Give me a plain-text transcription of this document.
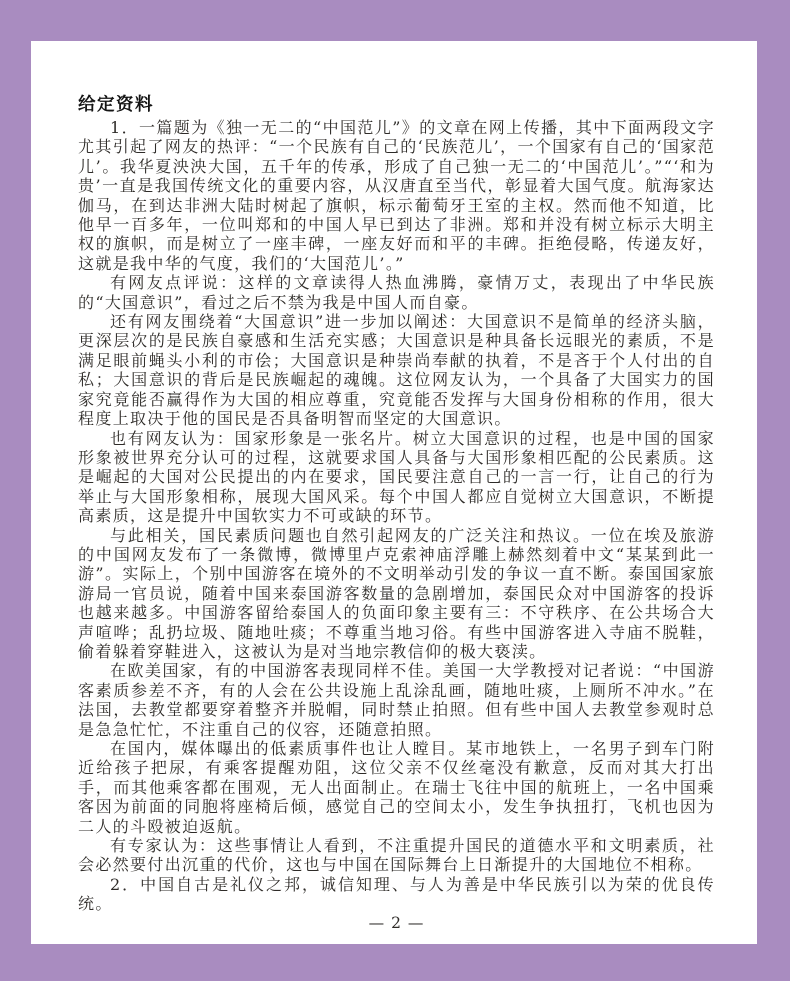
给定资料

1．一篇题为《独一无二的“中国范儿”》的文章在网上传播，其中下面两段文字尤其引起了网友的热评：“一个民族有自己的‘民族范儿’，一个国家有自己的‘国家范儿’。我华夏泱泱大国，五千年的传承，形成了自己独一无二的‘中国范儿’。”“‘和为贵’一直是我国传统文化的重要内容，从汉唐直至当代，彰显着大国气度。航海家达伽马，在到达非洲大陆时树起了旗帜，标示葡萄牙王室的主权。然而他不知道，比他早一百多年，一位叫郑和的中国人早已到达了非洲。郑和并没有树立标示大明主权的旗帜，而是树立了一座丰碑，一座友好而和平的丰碑。拒绝侵略，传递友好，这就是我中华的气度，我们的‘大国范儿’。”

有网友点评说：这样的文章读得人热血沸腾，豪情万丈，表现出了中华民族的“大国意识”，看过之后不禁为我是中国人而自豪。

还有网友围绕着“大国意识”进一步加以阐述：大国意识不是简单的经济头脑，更深层次的是民族自豪感和生活充实感；大国意识是种具备长远眼光的素质，不是满足眼前蝇头小利的市侩；大国意识是种崇尚奉献的执着，不是吝于个人付出的自私；大国意识的背后是民族崛起的魂魄。这位网友认为，一个具备了大国实力的国家究竟能否赢得作为大国的相应尊重，究竟能否发挥与大国身份相称的作用，很大程度上取决于他的国民是否具备明智而坚定的大国意识。

也有网友认为：国家形象是一张名片。树立大国意识的过程，也是中国的国家形象被世界充分认可的过程，这就要求国人具备与大国形象相匹配的公民素质。这是崛起的大国对公民提出的内在要求，国民要注意自己的一言一行，让自己的行为举止与大国形象相称，展现大国风采。每个中国人都应自觉树立大国意识，不断提高素质，这是提升中国软实力不可或缺的环节。

与此相关，国民素质问题也自然引起网友的广泛关注和热议。一位在埃及旅游的中国网友发布了一条微博，微博里卢克索神庙浮雕上赫然刻着中文“某某到此一游”。实际上，个别中国游客在境外的不文明举动引发的争议一直不断。泰国国家旅游局一官员说，随着中国来泰国游客数量的急剧增加，泰国民众对中国游客的投诉也越来越多。中国游客留给泰国人的负面印象主要有三：不守秩序、在公共场合大声喧哗；乱扔垃圾、随地吐痰；不尊重当地习俗。有些中国游客进入寺庙不脱鞋，偷着躲着穿鞋进入，这被认为是对当地宗教信仰的极大亵渎。

在欧美国家，有的中国游客表现同样不佳。美国一大学教授对记者说：“中国游客素质参差不齐，有的人会在公共设施上乱涂乱画，随地吐痰，上厕所不冲水。”在法国，去教堂都要穿着整齐并脱帽，同时禁止拍照。但有些中国人去教堂参观时总是急急忙忙，不注重自己的仪容，还随意拍照。

在国内，媒体曝出的低素质事件也让人瞠目。某市地铁上，一名男子到车门附近给孩子把尿，有乘客提醒劝阻，这位父亲不仅丝毫没有歉意，反而对其大打出手，而其他乘客都在围观，无人出面制止。在瑞士飞往中国的航班上，一名中国乘客因为前面的同胞将座椅后倾，感觉自己的空间太小，发生争执扭打，飞机也因为二人的斗殴被迫返航。

有专家认为：这些事情让人看到，不注重提升国民的道德水平和文明素质，社会必然要付出沉重的代价，这也与中国在国际舞台上日渐提升的大国地位不相称。

2．中国自古是礼仪之邦，诚信知理、与人为善是中华民族引以为荣的优良传统。

— 2 —
